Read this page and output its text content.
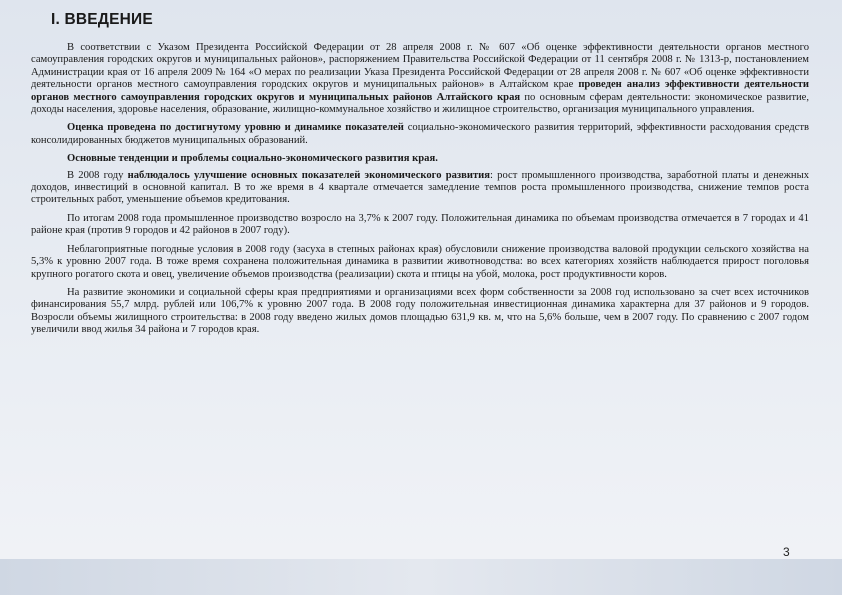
I. ВВЕДЕНИЕ

В соответствии с Указом Президента Российской Федерации от 28 апреля 2008 г. № 607 «Об оценке эффективности деятельности органов местного самоуправления городских округов и муниципальных районов», распоряжением Правительства Российской Федерации от 11 сентября 2008 г. № 1313-р, постановлением Администрации края от 16 апреля 2009 № 164 «О мерах по реализации Указа Президента Российской Федерации от 28 апреля 2008 г. № 607 «Об оценке эффективности деятельности органов местного самоуправления городских округов и муниципальных районов» в Алтайском крае проведен анализ эффективности деятельности органов местного самоуправления городских округов и муниципальных районов Алтайского края по основным сферам деятельности: экономическое развитие, доходы населения, здоровье населения, образование, жилищно-коммунальное хозяйство и жилищное строительство, организация муниципального управления.

Оценка проведена по достигнутому уровню и динамике показателей социально-экономического развития территорий, эффективности расходования средств консолидированных бюджетов муниципальных образований.

Основные тенденции и проблемы социально-экономического развития края.

В 2008 году наблюдалось улучшение основных показателей экономического развития: рост промышленного производства, заработной платы и денежных доходов, инвестиций в основной капитал. В то же время в 4 квартале отмечается замедление темпов роста промышленного производства, снижение темпов роста строительных работ, уменьшение объемов кредитования.

По итогам 2008 года промышленное производство возросло на 3,7% к 2007 году. Положительная динамика по объемам производства отмечается в 7 городах и 41 районе края (против 9 городов и 42 районов в 2007 году).

Неблагоприятные погодные условия в 2008 году (засуха в степных районах края) обусловили снижение производства валовой продукции сельского хозяйства на 5,3% к уровню 2007 года. В тоже время сохранена положительная динамика в развитии животноводства: во всех категориях хозяйств наблюдается прирост поголовья крупного рогатого скота и овец, увеличение объемов производства (реализации) скота и птицы на убой, молока, рост продуктивности коров.

На развитие экономики и социальной сферы края предприятиями и организациями всех форм собственности за 2008 год использовано за счет всех источников финансирования 55,7 млрд. рублей или 106,7% к уровню 2007 года. В 2008 году положительная инвестиционная динамика характерна для 37 районов и 9 городов. Возросли объемы жилищного строительства: в 2008 году введено жилых домов площадью 631,9 кв. м, что на 5,6% больше, чем в 2007 году. По сравнению с 2007 годом увеличили ввод жилья 34 района и 7 городов края.

3
